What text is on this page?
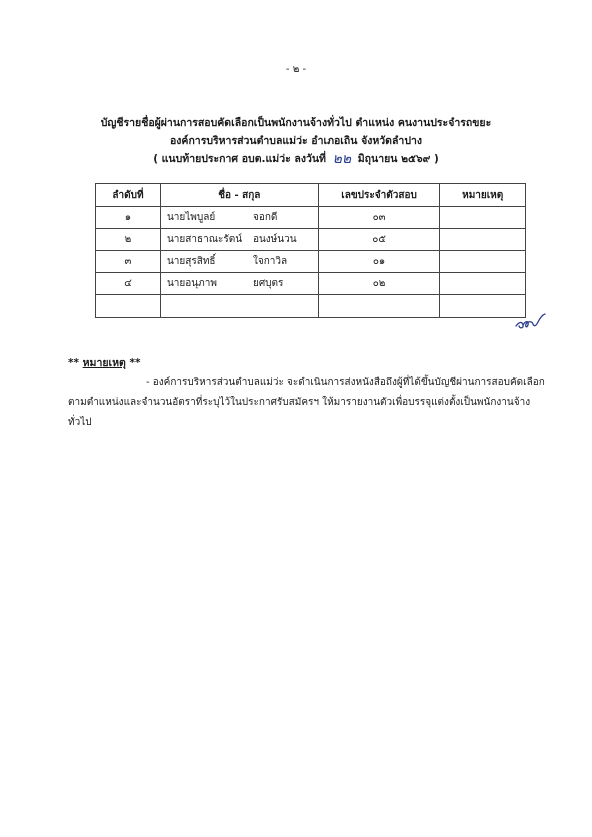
- ๒ -
บัญชีรายชื่อผู้ผ่านการสอบคัดเลือกเป็นพนักงานจ้างทั่วไป ตำแหน่ง คนงานประจำรถขยะ
องค์การบริหารส่วนตำบลแม่ว่ะ อำเภอเถิน จังหวัดลำปาง
( แนบท้ายประกาศ อบต.แม่ว่ะ ลงวันที่ ๒๒ มิถุนายน ๒๕๖๙ )
ลำดับที่	ชื่อ - สกุล	เลขประจำตัวสอบ	หมายเหตุ
๑	นายไพบูลย์ จอกดี	๐๓	
๒	นายสาธาณะรัตน์ อนงษ์นวน	๐๕	
๓	นายสุรสิทธิ์ ใจกาวิล	๐๑	
๔	นายอนุภาพ ยศบุตร	๐๒	

** หมายเหตุ **
- องค์การบริหารส่วนตำบลแม่ว่ะ จะดำเนินการส่งหนังสือถึงผู้ที่ได้ขึ้นบัญชีผ่านการสอบคัดเลือก
ตามตำแหน่งและจำนวนอัตราที่ระบุไว้ในประกาศรับสมัครฯ ให้มารายงานตัวเพื่อบรรจุแต่งตั้งเป็นพนักงานจ้าง
ทั่วไป
